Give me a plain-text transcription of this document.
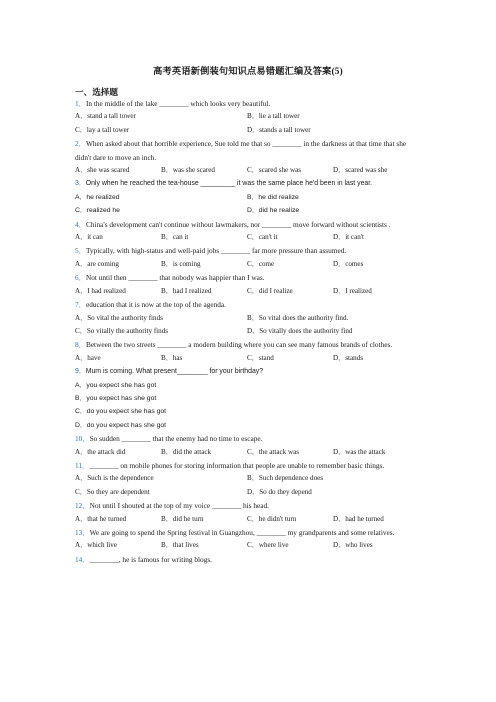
高考英语新倒装句知识点易错题汇编及答案(5)
一、选择题
1．In the middle of the lake ________ which looks very beautiful.
A．stand a tall tower	B．lie a tall tower
C．lay a tall tower	D．stands a tall tower
2．When asked about that horrible experience, Sue told me that so ________ in the darkness at that time that she didn't dare to move an inch.
A．she was scared	B．was she scared	C．scared she was	D．scared was she
3．Only when he reached the tea-house _________ it was the same place he'd been in last year.
A．he realized	B．he did realize
C．realized he	D．did he realize
4．China's development can't continue without lawmakers, nor ________ move forward without scientists .
A．it can	B．can it	C．can't it	D．it can't
5．Typically, with high-status and well-paid jobs ________ far more pressure than assumed.
A．are coming	B．is coming	C．come	D．comes
6．Not until then ________ that nobody was happier than I was.
A．I had realized	B．had I realized	C．did I realize	D．I realized
7．education that it is now at the top of the agenda.
A．So vital the authority finds	B．So vital does the authority find.
C．So vitally the authority finds	D．So vitally does the authority find
8．Between the two streets ________ a modern building where you can see many famous brands of clothes.
A．have	B．has	C．stand	D．stands
9．Mum is coming. What present________ for your birthday?
A．you expect she has got
B．you expect has she got
C．do you expect she has got
D．do you expect has she got
10．So sudden ________ that the enemy had no time to escape.
A．the attack did	B．did the attack	C．the attack was	D．was the attack
11．________ on mobile phones for storing information that people are unable to remember basic things.
A．Such is the dependence	B．Such dependence does
C．So they are dependent	D．So do they depend
12．Not until I shouted at the top of my voice ________ his head.
A．that he turned	B．did he turn	C．he didn't turn	D．had he turned
13．We are going to spend the Spring festival in Guangzhou, ________ my grandparents and some relatives.
A．which live	B．that lives	C．where live	D．who lives
14．________, he is famous for writing blogs.
